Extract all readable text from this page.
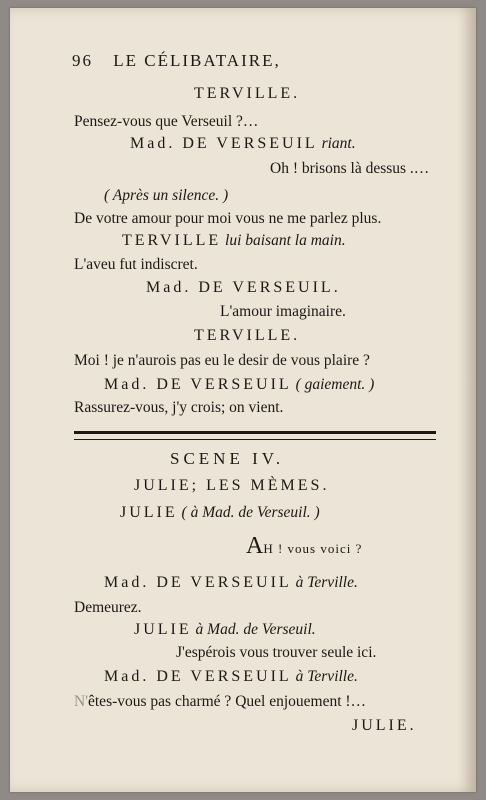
96 LE CÉLIBATAIRE,
TERVILLE.
Pensez-vous que Verseuil ?…
Mad. DE VERSEUIL riant.
Oh ! brisons là dessus .…
( Après un silence. )
De votre amour pour moi vous ne me parlez plus.
TERVILLE lui baisant la main.
L'aveu fut indiscret.
Mad. DE VERSEUIL.
L'amour imaginaire.
TERVILLE.
Moi ! je n'aurois pas eu le desir de vous plaire ?
Mad. DE VERSEUIL ( gaiement. )
Rassurez-vous, j'y crois; on vient.
SCENE IV.
JULIE; LES MÈMES.
JULIE ( à Mad. de Verseuil. )
AH ! vous voici ?
Mad. DE VERSEUIL à Terville.
Demeurez.
JULIE à Mad. de Verseuil.
J'espérois vous trouver seule ici.
Mad. DE VERSEUIL à Terville.
N'êtes-vous pas charmé ? Quel enjouement !…
JULIE.
